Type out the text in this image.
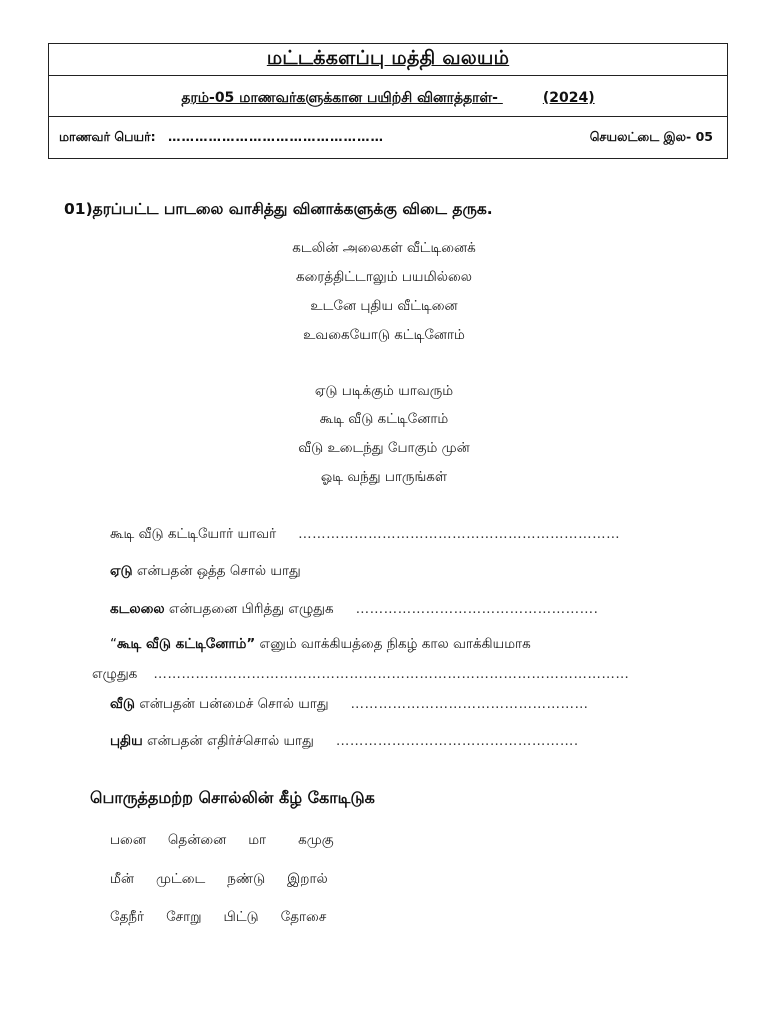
மட்டக்களப்பு மத்தி வலயம்
தரம்-05 மாணவர்களுக்கான பயிற்சி வினாத்தாள்-	(2024)
மாணவர் பெயர்: …………………………………………	செயலட்டை இல- 05
01)தரப்பட்ட பாடலை வாசித்து வினாக்களுக்கு விடை தருக.
கடலின் அலைகள் வீட்டினைக்
கரைத்திட்டாலும் பயமில்லை
உடனே புதிய வீட்டினை
உவகையோடு கட்டினோம்
ஏடு படிக்கும் யாவரும்
கூடி வீடு கட்டினோம்
வீடு உடைந்து போகும் முன்
ஓடி வந்து பாருங்கள்
கூடி வீடு கட்டியோர் யாவர் ……………………………………………………………
ஏடு என்பதன் ஒத்த சொல் யாது
கடலலை என்பதனை பிரித்து எழுதுக …………………………………………….
“கூடி வீடு கட்டினோம்” எனும் வாக்கியத்தை நிகழ் கால வாக்கியமாக
எழுதுக …………………………………………………………………………………………
வீடு என்பதன் பன்மைச் சொல் யாது ……………………………………………
புதிய என்பதன் எதிர்ச்சொல் யாது …………………………………………….
பொருத்தமற்ற சொல்லின் கீழ் கோடிடுக
பனை தென்னை மா கமுகு
மீன் முட்டை நண்டு இறால்
தேநீர் சோறு பிட்டு தோசை
